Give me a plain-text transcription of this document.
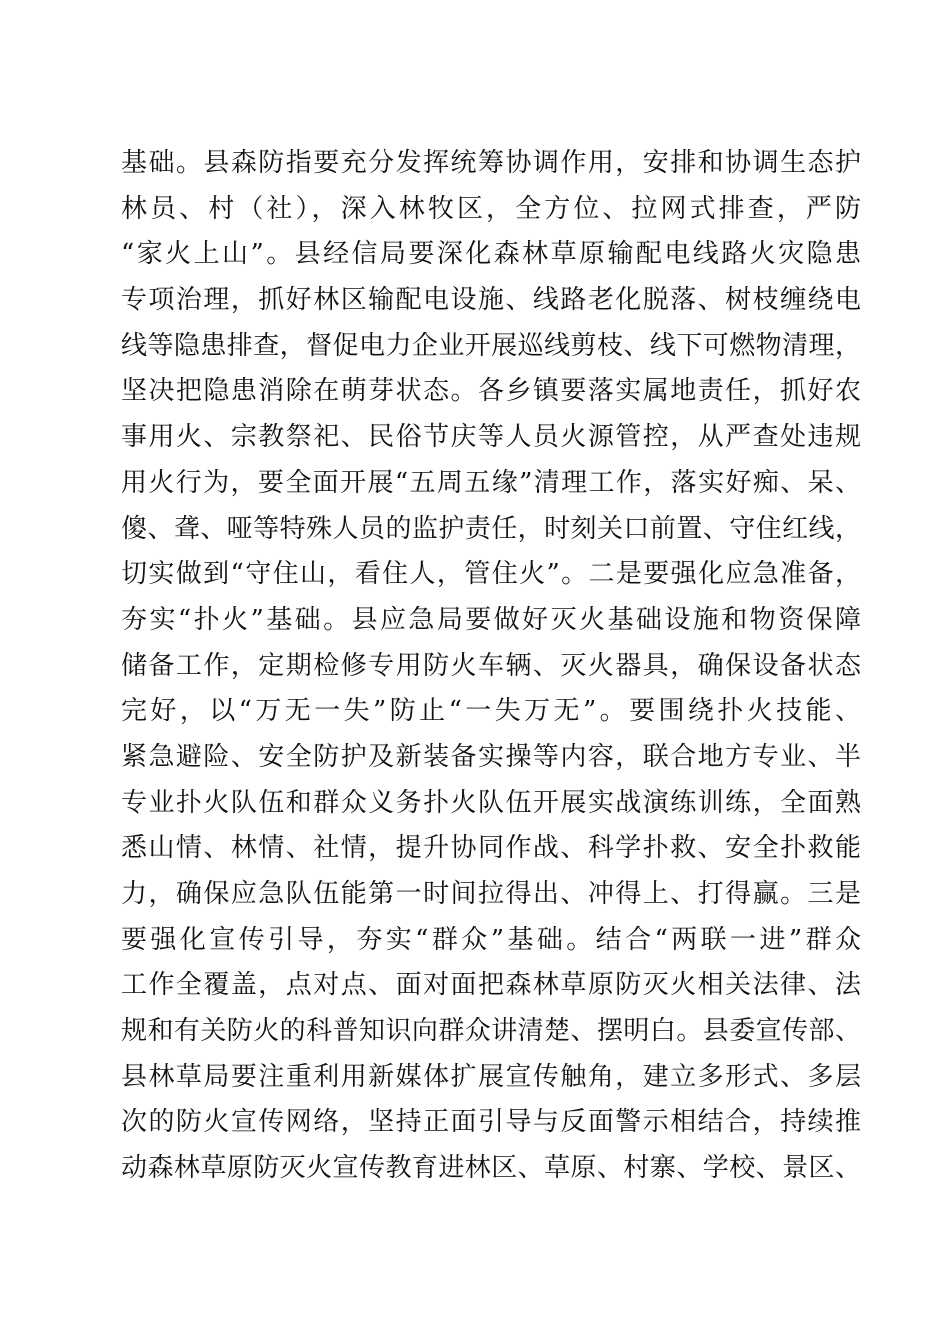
基础。县森防指要充分发挥统筹协调作用，安排和协调生态护
林员、村（社），深入林牧区，全方位、拉网式排查，严防
“家火上山”。县经信局要深化森林草原输配电线路火灾隐患
专项治理，抓好林区输配电设施、线路老化脱落、树枝缠绕电
线等隐患排查，督促电力企业开展巡线剪枝、线下可燃物清理，
坚决把隐患消除在萌芽状态。各乡镇要落实属地责任，抓好农
事用火、宗教祭祀、民俗节庆等人员火源管控，从严查处违规
用火行为，要全面开展“五周五缘”清理工作，落实好痴、呆、
傻、聋、哑等特殊人员的监护责任，时刻关口前置、守住红线，
切实做到“守住山，看住人，管住火”。二是要强化应急准备，
夯实“扑火”基础。县应急局要做好灭火基础设施和物资保障
储备工作，定期检修专用防火车辆、灭火器具，确保设备状态
完好，以“万无一失”防止“一失万无”。要围绕扑火技能、
紧急避险、安全防护及新装备实操等内容，联合地方专业、半
专业扑火队伍和群众义务扑火队伍开展实战演练训练，全面熟
悉山情、林情、社情，提升协同作战、科学扑救、安全扑救能
力，确保应急队伍能第一时间拉得出、冲得上、打得赢。三是
要强化宣传引导，夯实“群众”基础。结合“两联一进”群众
工作全覆盖，点对点、面对面把森林草原防灭火相关法律、法
规和有关防火的科普知识向群众讲清楚、摆明白。县委宣传部、
县林草局要注重利用新媒体扩展宣传触角，建立多形式、多层
次的防火宣传网络，坚持正面引导与反面警示相结合，持续推
动森林草原防灭火宣传教育进林区、草原、村寨、学校、景区、
